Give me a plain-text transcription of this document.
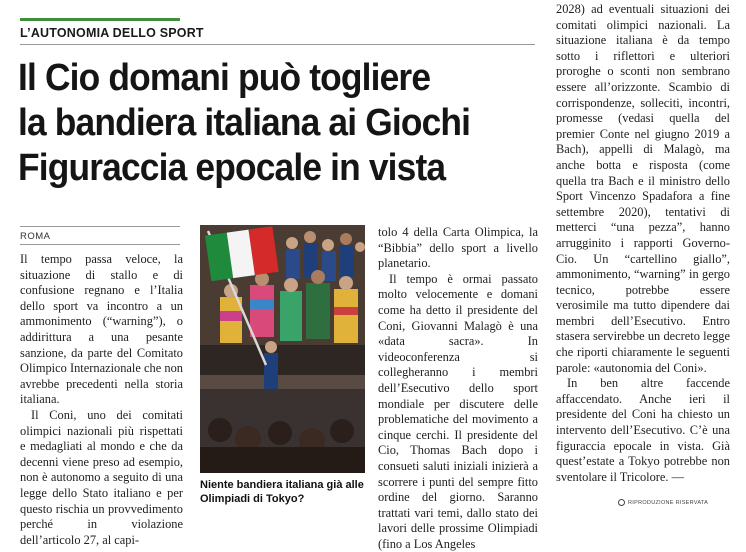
L’AUTONOMIA DELLO SPORT
Il Cio domani può togliere
la bandiera italiana ai Giochi
Figuraccia epocale in vista
ROMA

Il tempo passa veloce, la situazione di stallo e di confusione regnano e l’Italia dello sport va incontro a un ammonimento (“warning”), o addirittura a una pesante sanzione, da parte del Comitato Olimpico Internazionale che non avrebbe precedenti nella storia italiana.

Il Coni, uno dei comitati olimpici nazionali più rispettati e medagliati al mondo e che da decenni viene preso ad esempio, non è autonomo a seguito di una legge dello Stato italiano e per questo rischia un provvedimento perché in violazione dell’articolo 27, al capi-

Niente bandiera italiana già alle Olimpiadi di Tokyo?

tolo 4 della Carta Olimpica, la “Bibbia” dello sport a livello planetario.

Il tempo è ormai passato molto velocemente e domani come ha detto il presidente del Coni, Giovanni Malagò è una «data sacra». In videoconferenza si collegheranno i membri dell’Esecutivo dello sport mondiale per discutere delle problematiche del movimento a cinque cerchi. Il presidente del Cio, Thomas Bach dopo i consueti saluti iniziali inizierà a scorrere i punti del sempre fitto ordine del giorno. Saranno trattati vari temi, dallo stato dei lavori delle prossime Olimpiadi (fino a Los Angeles

2028) ad eventuali situazioni dei comitati olimpici nazionali. La situazione italiana è da tempo sotto i riflettori e ulteriori proroghe o sconti non sembrano essere all’orizzonte. Scambio di corrispondenze, solleciti, incontri, promesse (vedasi quella del premier Conte nel giugno 2019 a Bach), appelli di Malagò, ma anche botta e risposta (come quella tra Bach e il ministro dello Sport Vincenzo Spadafora a fine settembre 2020), tentativi di metterci “una pezza”, hanno arrugginito i rapporti Governo-Cio. Un “cartellino giallo”, ammonimento, “warning” in gergo tecnico, potrebbe essere verosimile ma tutto dipendere dai membri dell’Esecutivo. Entro stasera servirebbe un decreto legge che riporti chiaramente le seguenti parole: «autonomia del Coni».

In ben altre faccende affaccendato. Anche ieri il presidente del Coni ha chiesto un intervento dell’Esecutivo. C’è una figuraccia epocale in vista. Già quest’estate a Tokyo potrebbe non sventolare il Tricolore. —

RIPRODUZIONE RISERVATA
